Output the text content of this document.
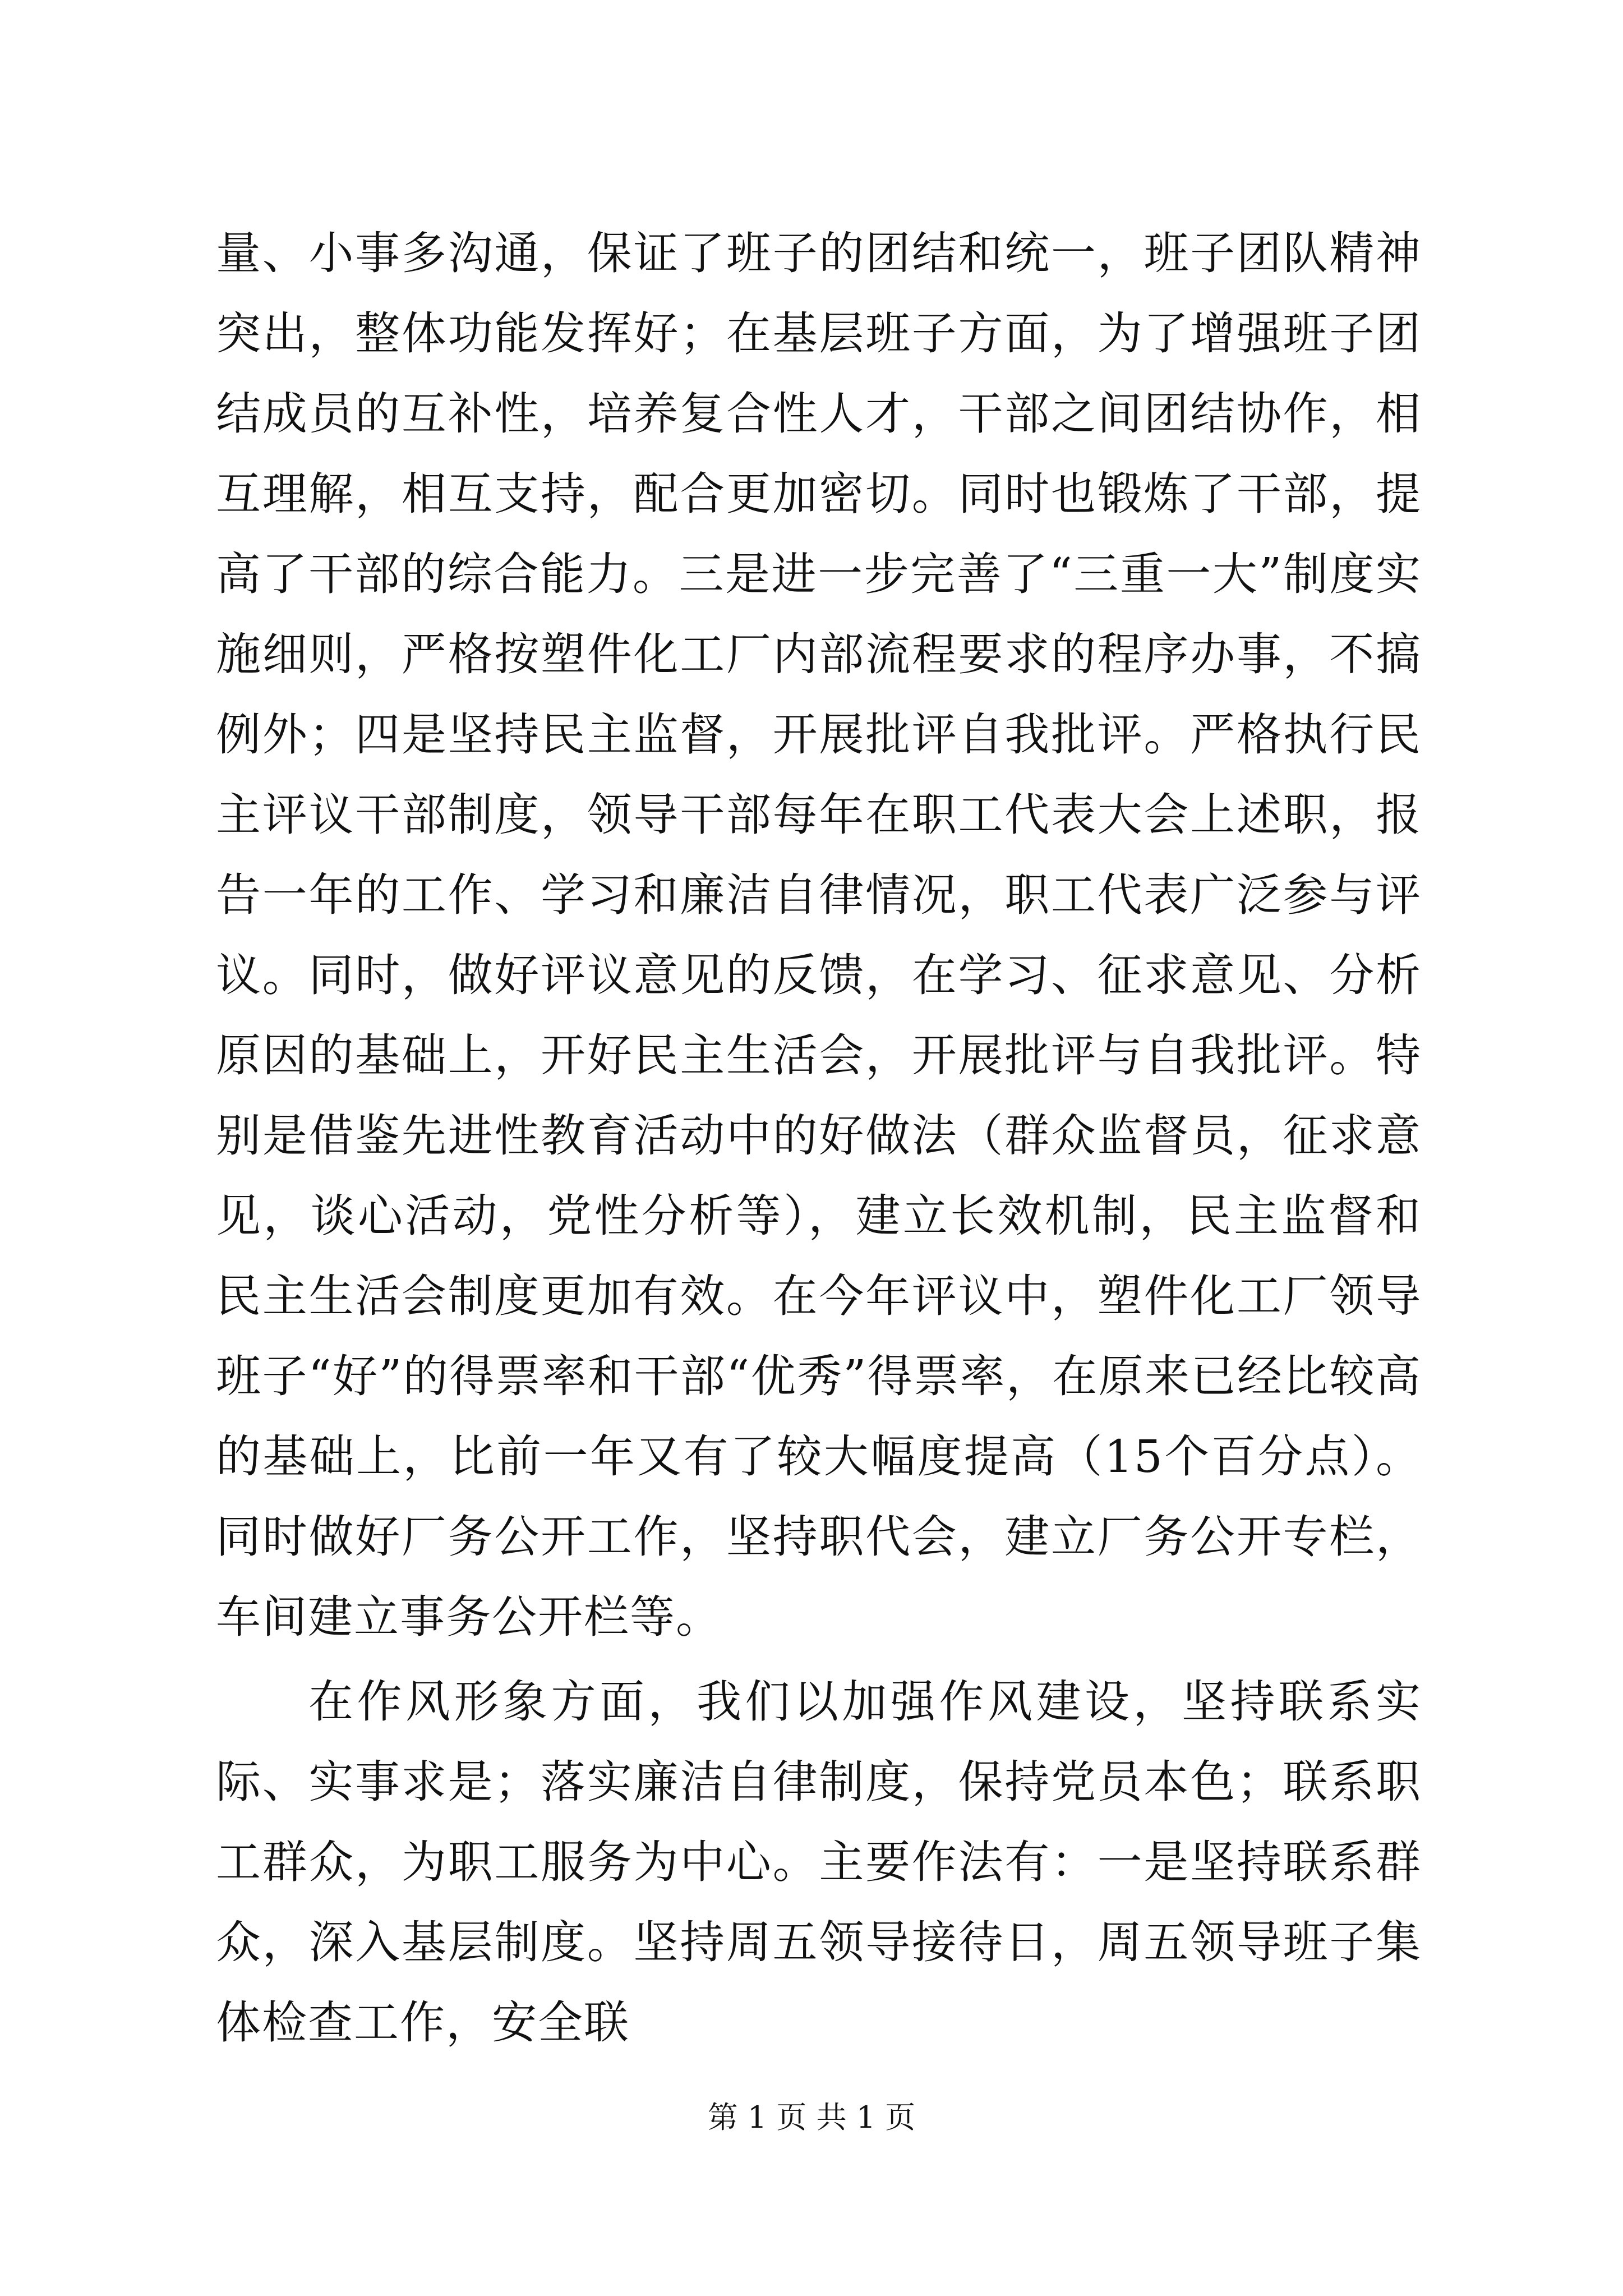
量、小事多沟通，保证了班子的团结和统一，班子团队精神突出，整体功能发挥好；在基层班子方面，为了增强班子团结成员的互补性，培养复合性人才，干部之间团结协作，相互理解，相互支持，配合更加密切。同时也锻炼了干部，提高了干部的综合能力。三是进一步完善了“三重一大”制度实施细则，严格按塑件化工厂内部流程要求的程序办事，不搞例外；四是坚持民主监督，开展批评自我批评。严格执行民主评议干部制度，领导干部每年在职工代表大会上述职，报告一年的工作、学习和廉洁自律情况，职工代表广泛参与评议。同时，做好评议意见的反馈，在学习、征求意见、分析原因的基础上，开好民主生活会，开展批评与自我批评。特别是借鉴先进性教育活动中的好做法（群众监督员，征求意见，谈心活动，党性分析等），建立长效机制，民主监督和民主生活会制度更加有效。在今年评议中，塑件化工厂领导班子“好”的得票率和干部“优秀”得票率，在原来已经比较高的基础上，比前一年又有了较大幅度提高（15个百分点）。同时做好厂务公开工作，坚持职代会，建立厂务公开专栏，车间建立事务公开栏等。

在作风形象方面，我们以加强作风建设，坚持联系实际、实事求是；落实廉洁自律制度，保持党员本色；联系职工群众，为职工服务为中心。主要作法有：一是坚持联系群众，深入基层制度。坚持周五领导接待日，周五领导班子集体检查工作，安全联

第 1 页 共 1 页
